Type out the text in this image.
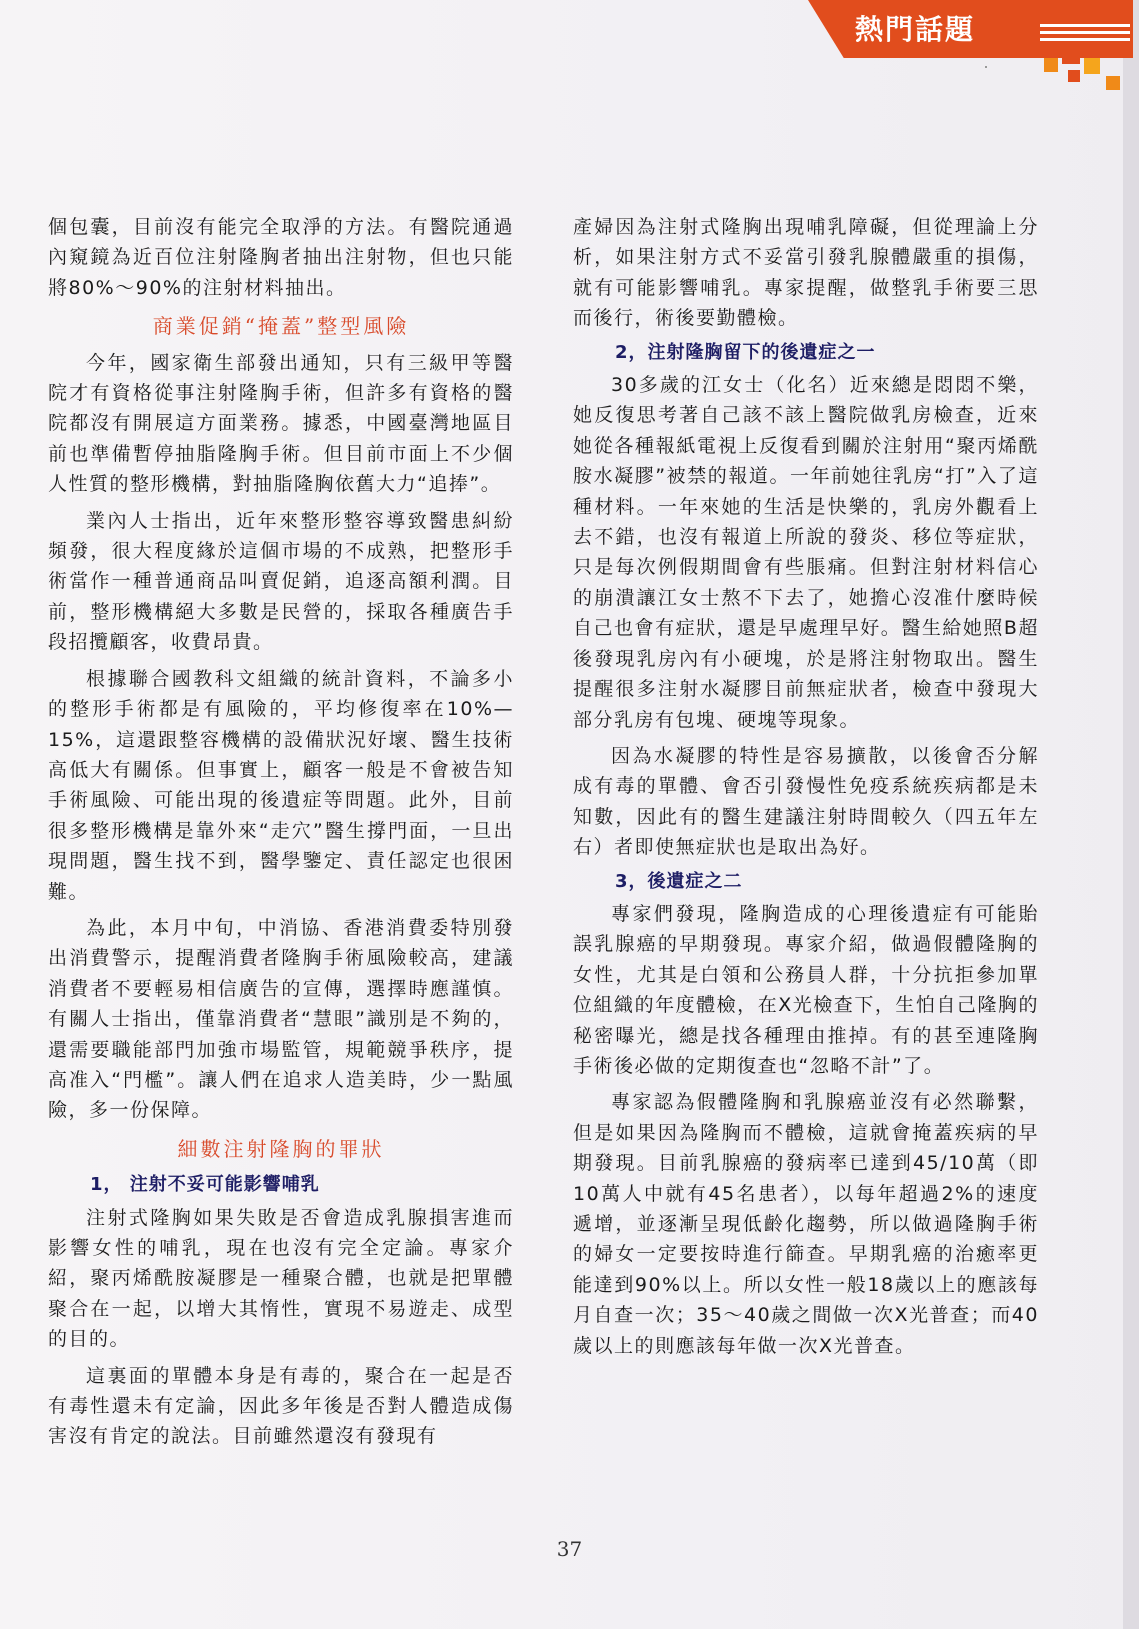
熱門話題

個包囊，目前沒有能完全取淨的方法。有醫院通過內窺鏡為近百位注射隆胸者抽出注射物，但也只能將80%～90%的注射材料抽出。

商業促銷“掩蓋”整型風險

今年，國家衛生部發出通知，只有三級甲等醫院才有資格從事注射隆胸手術，但許多有資格的醫院都沒有開展這方面業務。據悉，中國臺灣地區目前也準備暫停抽脂隆胸手術。但目前市面上不少個人性質的整形機構，對抽脂隆胸依舊大力“追捧”。

業內人士指出，近年來整形整容導致醫患糾紛頻發，很大程度緣於這個市場的不成熟，把整形手術當作一種普通商品叫賣促銷，追逐高額利潤。目前，整形機構絕大多數是民營的，採取各種廣告手段招攬顧客，收費昂貴。

根據聯合國教科文組織的統計資料，不論多小的整形手術都是有風險的，平均修復率在10%—15%，這還跟整容機構的設備狀況好壞、醫生技術高低大有關係。但事實上，顧客一般是不會被告知手術風險、可能出現的後遺症等問題。此外，目前很多整形機構是靠外來“走穴”醫生撐門面，一旦出現問題，醫生找不到，醫學鑒定、責任認定也很困難。

為此，本月中旬，中消協、香港消費委特別發出消費警示，提醒消費者隆胸手術風險較高，建議消費者不要輕易相信廣告的宣傳，選擇時應謹慎。有關人士指出，僅靠消費者“慧眼”識別是不夠的，還需要職能部門加強市場監管，規範競爭秩序，提高准入“門檻”。讓人們在追求人造美時，少一點風險，多一份保障。

細數注射隆胸的罪狀

1， 注射不妥可能影響哺乳

注射式隆胸如果失敗是否會造成乳腺損害進而影響女性的哺乳，現在也沒有完全定論。專家介紹，聚丙烯酰胺凝膠是一種聚合體，也就是把單體聚合在一起，以增大其惰性，實現不易遊走、成型的目的。

這裏面的單體本身是有毒的，聚合在一起是否有毒性還未有定論，因此多年後是否對人體造成傷害沒有肯定的說法。目前雖然還沒有發現有

產婦因為注射式隆胸出現哺乳障礙，但從理論上分析，如果注射方式不妥當引發乳腺體嚴重的損傷，就有可能影響哺乳。專家提醒，做整乳手術要三思而後行，術後要勤體檢。

2，注射隆胸留下的後遺症之一

30多歲的江女士（化名）近來總是悶悶不樂，她反復思考著自己該不該上醫院做乳房檢查，近來她從各種報紙電視上反復看到關於注射用“聚丙烯酰胺水凝膠”被禁的報道。一年前她往乳房“打”入了這種材料。一年來她的生活是快樂的，乳房外觀看上去不錯，也沒有報道上所說的發炎、移位等症狀，只是每次例假期間會有些脹痛。但對注射材料信心的崩潰讓江女士熬不下去了，她擔心沒准什麼時候自己也會有症狀，還是早處理早好。醫生給她照B超後發現乳房內有小硬塊，於是將注射物取出。醫生提醒很多注射水凝膠目前無症狀者，檢查中發現大部分乳房有包塊、硬塊等現象。

因為水凝膠的特性是容易擴散，以後會否分解成有毒的單體、會否引發慢性免疫系統疾病都是未知數，因此有的醫生建議注射時間較久（四五年左右）者即使無症狀也是取出為好。

3，後遺症之二

專家們發現，隆胸造成的心理後遺症有可能貽誤乳腺癌的早期發現。專家介紹，做過假體隆胸的女性，尤其是白領和公務員人群，十分抗拒參加單位組織的年度體檢，在X光檢查下，生怕自己隆胸的秘密曝光，總是找各種理由推掉。有的甚至連隆胸手術後必做的定期復查也“忽略不計”了。

專家認為假體隆胸和乳腺癌並沒有必然聯繫，但是如果因為隆胸而不體檢，這就會掩蓋疾病的早期發現。目前乳腺癌的發病率已達到45/10萬（即10萬人中就有45名患者），以每年超過2%的速度遞增，並逐漸呈現低齡化趨勢，所以做過隆胸手術的婦女一定要按時進行篩查。早期乳癌的治癒率更能達到90%以上。所以女性一般18歲以上的應該每月自查一次；35～40歲之間做一次X光普查；而40歲以上的則應該每年做一次X光普查。

37
